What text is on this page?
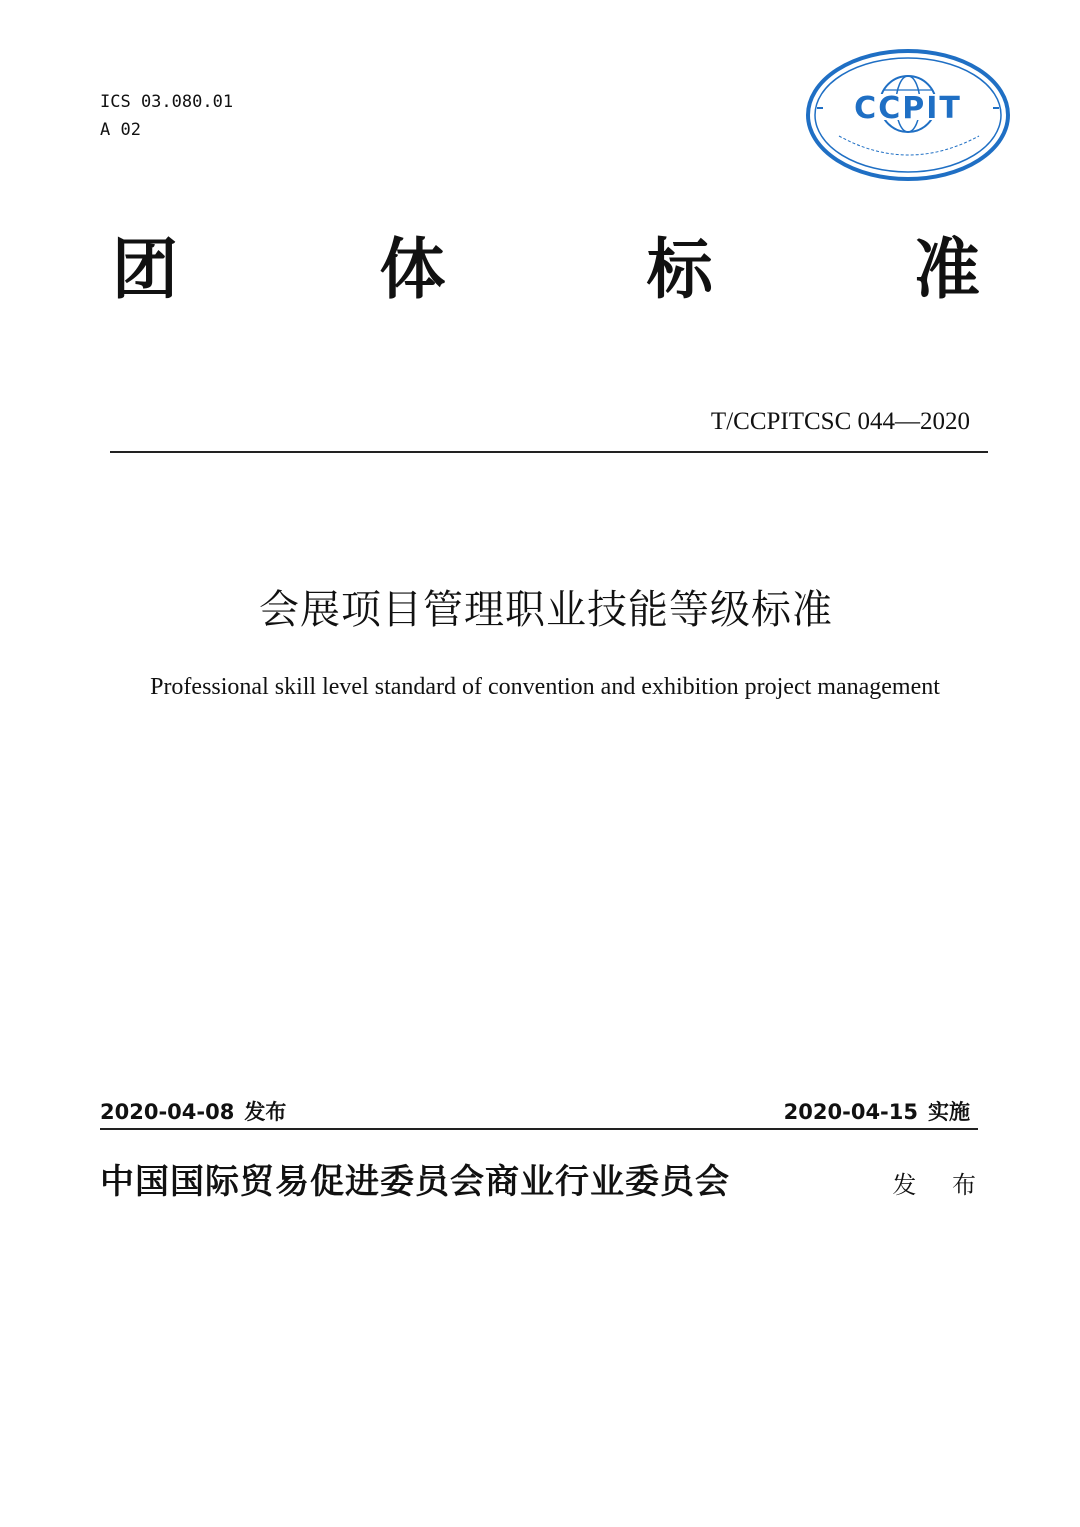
ICS 03.080.01
A 02
CCPIT
团	体	标	准
T/CCPITCSC 044—2020
会展项目管理职业技能等级标准
Professional skill level standard of convention and exhibition project management
2020-04-08 发布	2020-04-15 实施
中国国际贸易促进委员会商业行业委员会	发 布
